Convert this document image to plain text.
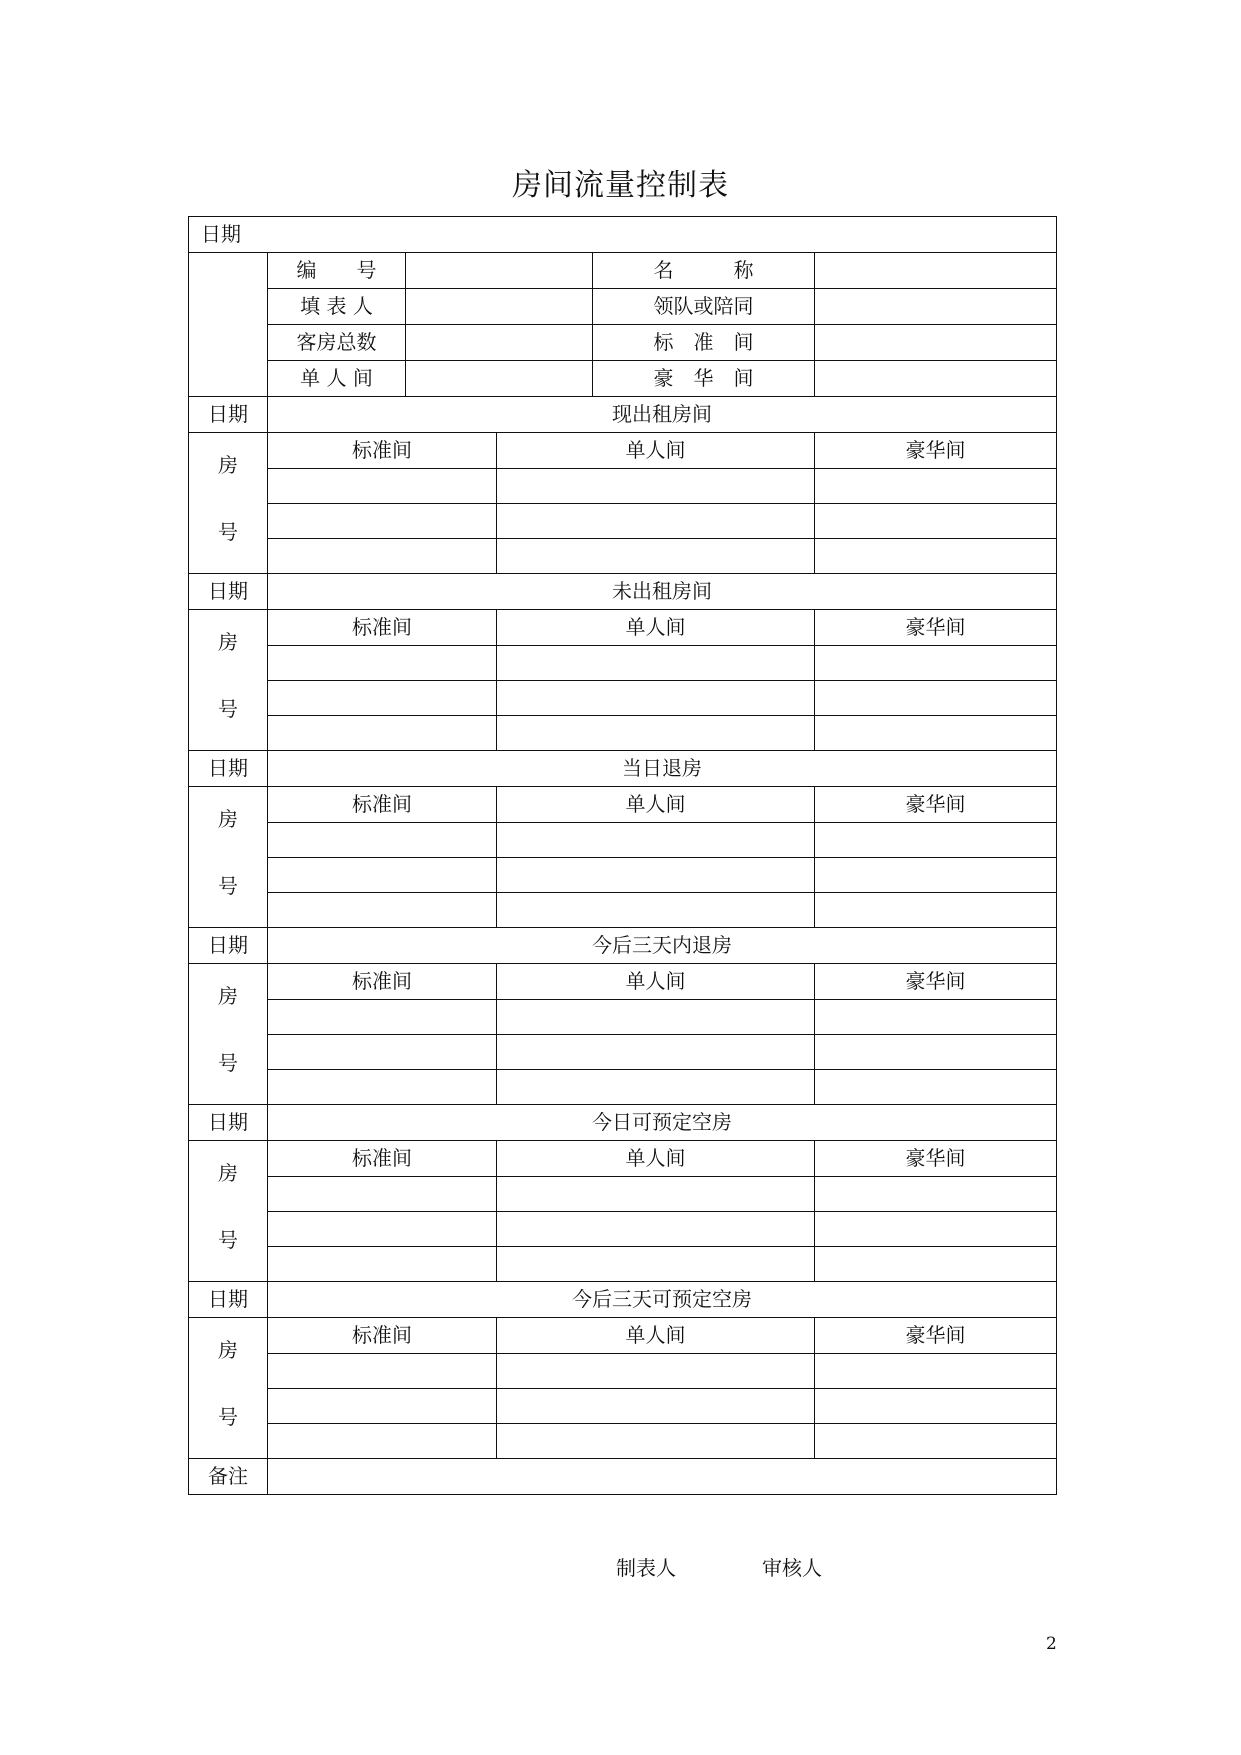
房间流量控制表
日期					
	编　　号			名　　　称	
	填 表 人			领队或陪同	
	客房总数			标　准　间	
	单 人 间			豪　华　间	
日期	现出租房间				

房
号	标准间		单人间		豪华间

日期	未出租房间				

房
号	标准间		单人间		豪华间

日期	当日退房				

房
号	标准间		单人间		豪华间

日期	今后三天内退房				

房
号	标准间		单人间		豪华间

日期	今日可预定空房				

房
号	标准间		单人间		豪华间

日期	今后三天可预定空房				

房
号	标准间		单人间		豪华间

备注					
制表人	审核人
2
